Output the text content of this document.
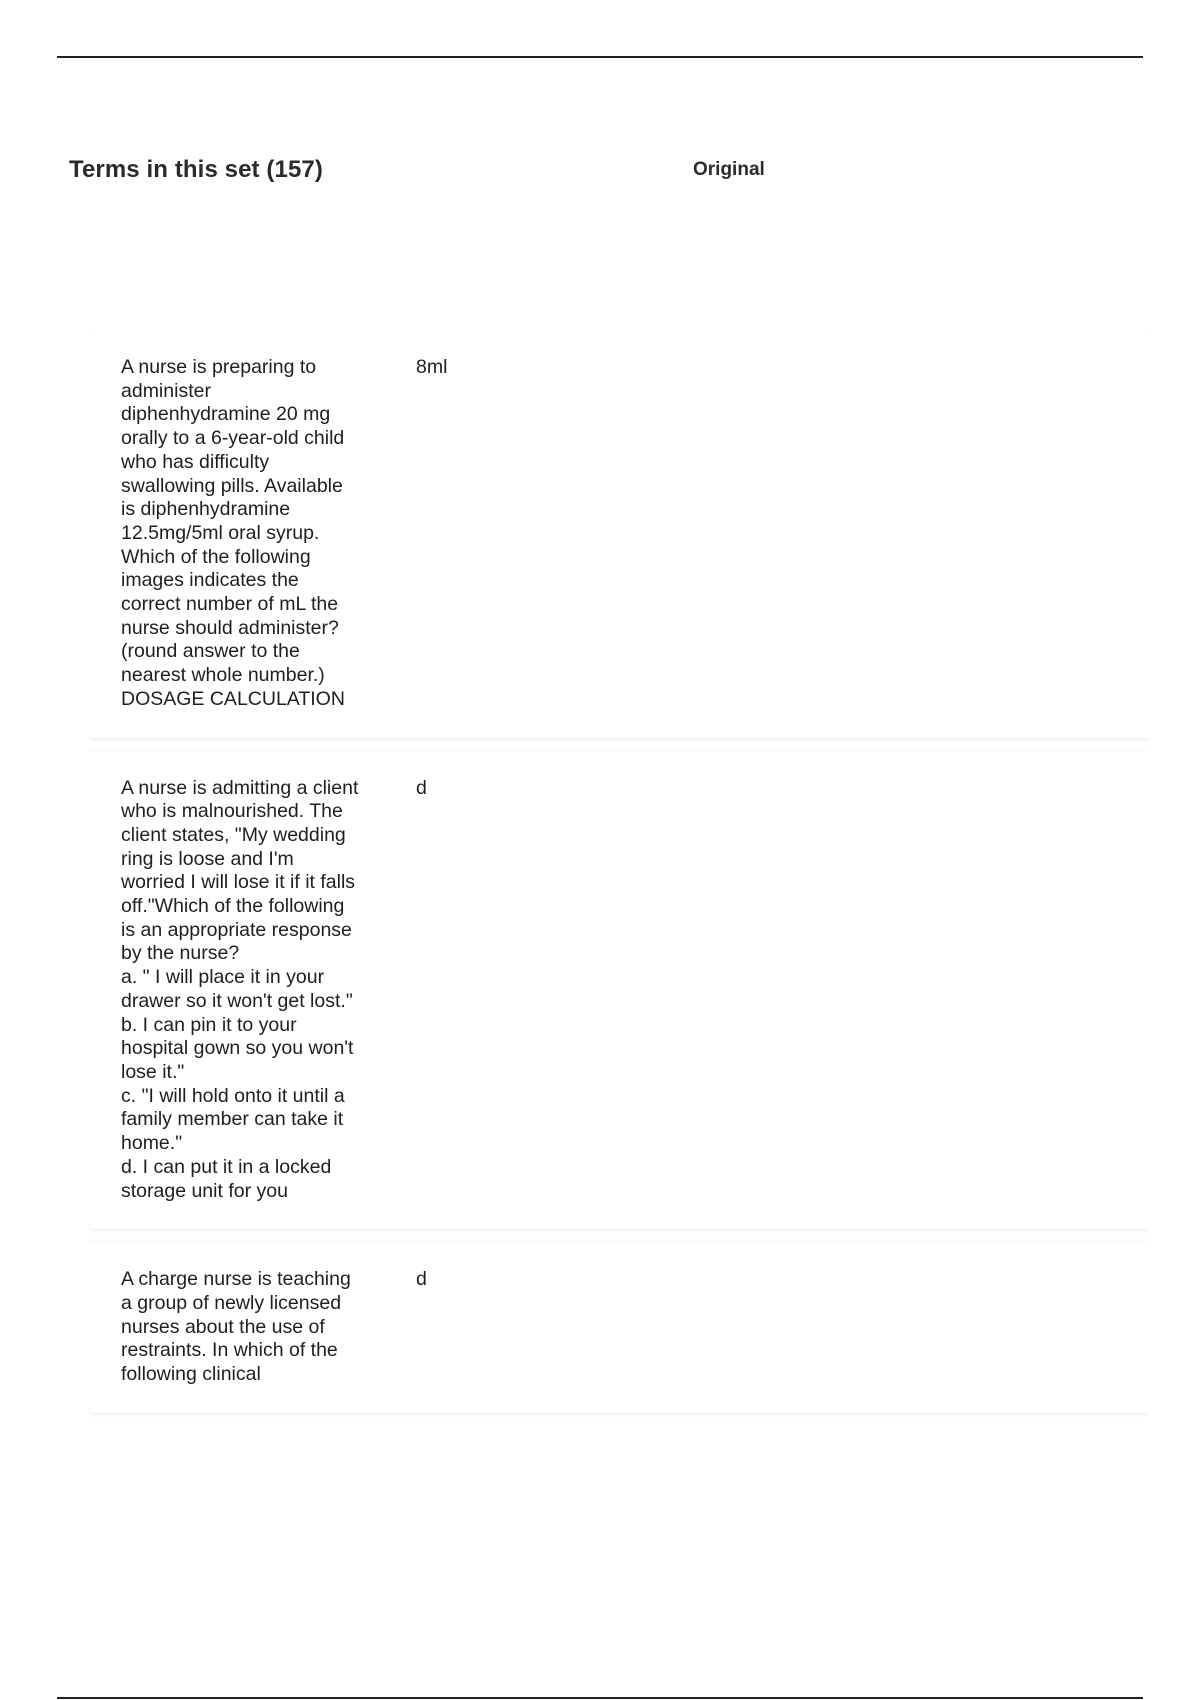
Terms in this set (157)	Original
A nurse is preparing to administer diphenhydramine 20 mg orally to a 6-year-old child who has difficulty swallowing pills. Available is diphenhydramine 12.5mg/5ml oral syrup. Which of the following images indicates the correct number of mL the nurse should administer? (round answer to the nearest whole number.)
DOSAGE CALCULATION
8ml
A nurse is admitting a client who is malnourished. The client states, "My wedding ring is loose and I'm worried I will lose it if it falls off."Which of the following is an appropriate response by the nurse?
a. " I will place it in your drawer so it won't get lost."
b. I can pin it to your hospital gown so you won't lose it."
c. "I will hold onto it until a family member can take it home."
d. I can put it in a locked storage unit for you
d
A charge nurse is teaching a group of newly licensed nurses about the use of restraints. In which of the following clinical
d
